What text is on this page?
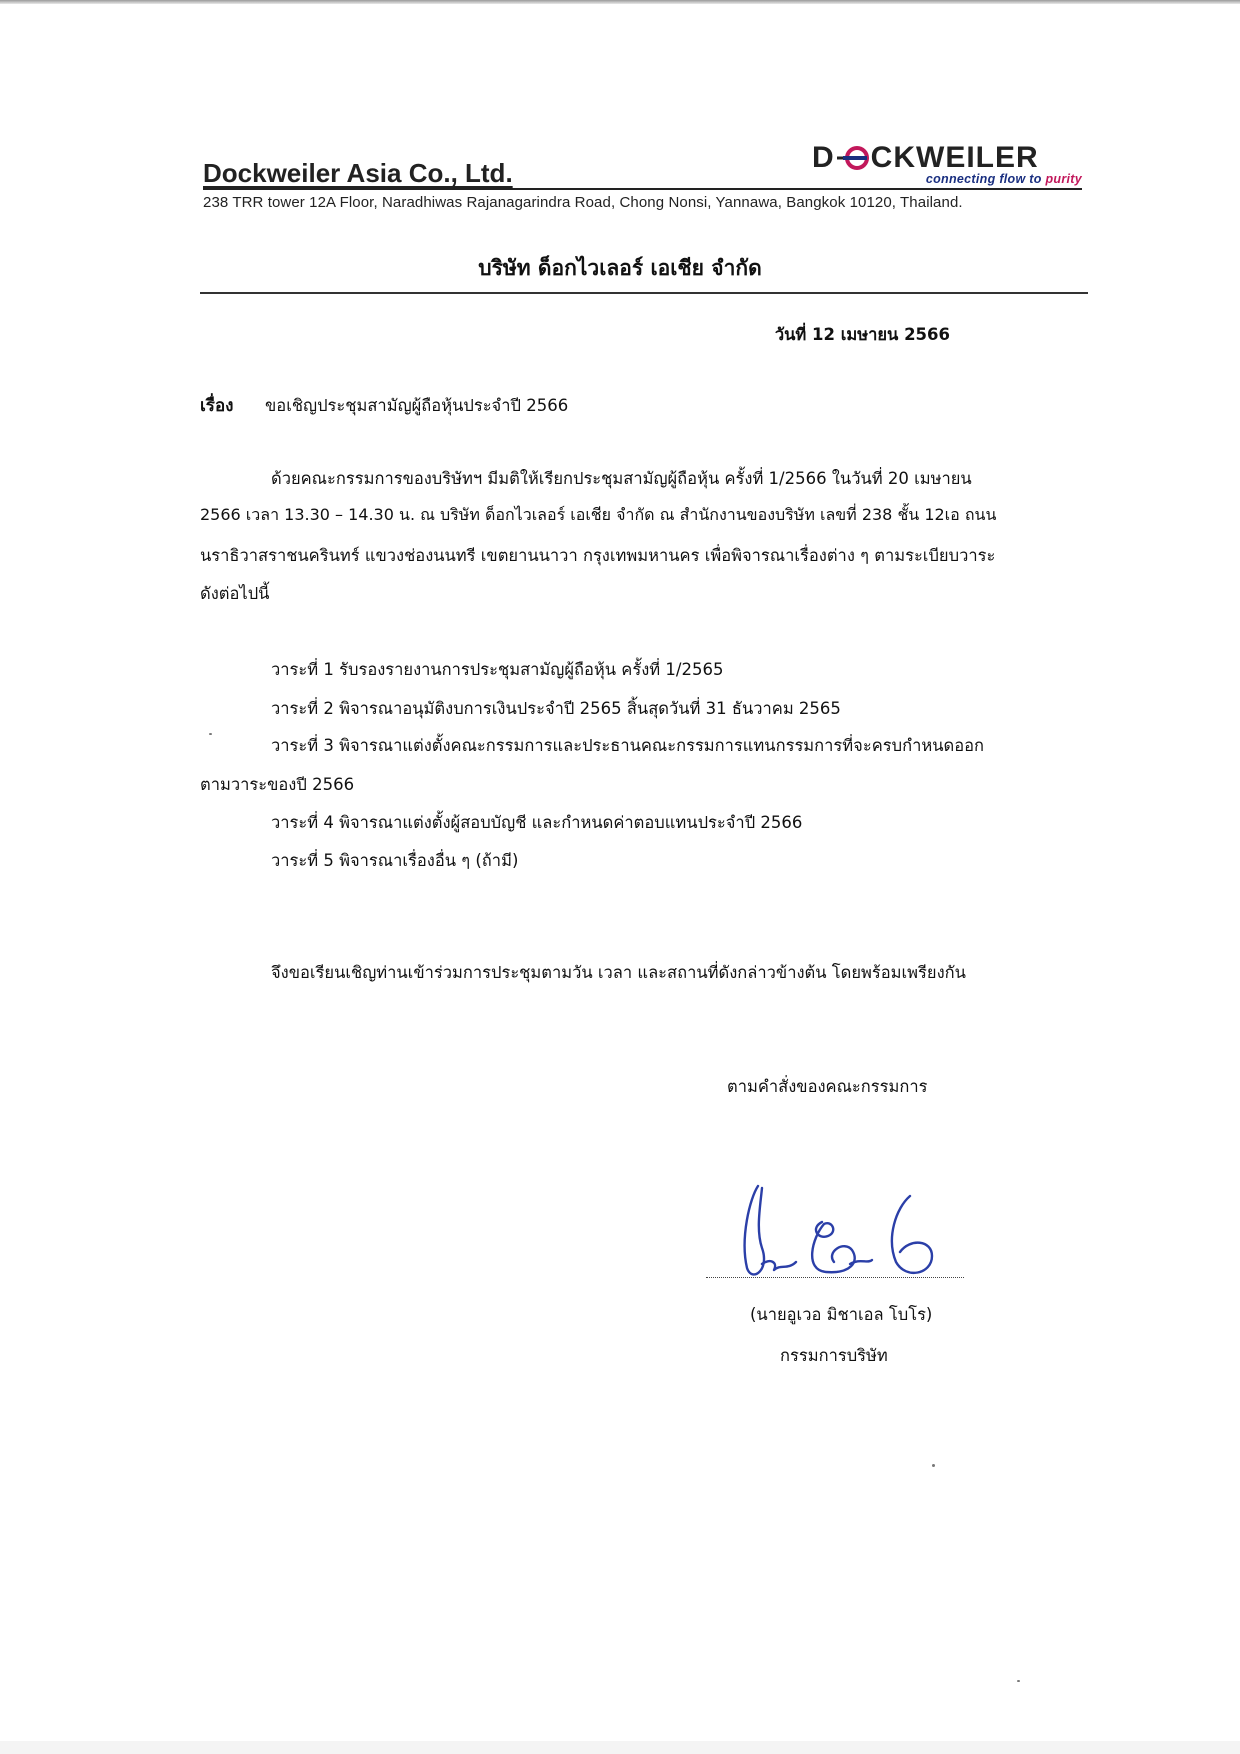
Dockweiler Asia Co., Ltd.	D CKWEILER
connecting flow to purity
238 TRR tower 12A Floor, Naradhiwas Rajanagarindra Road, Chong Nonsi, Yannawa, Bangkok 10120, Thailand.
บริษัท ด็อกไวเลอร์ เอเชีย จำกัด
วันที่ 12 เมษายน 2566
เรื่อง ขอเชิญประชุมสามัญผู้ถือหุ้นประจำปี 2566
ด้วยคณะกรรมการของบริษัทฯ มีมติให้เรียกประชุมสามัญผู้ถือหุ้น ครั้งที่ 1/2566 ในวันที่ 20 เมษายน
2566 เวลา 13.30 – 14.30 น. ณ บริษัท ด็อกไวเลอร์ เอเชีย จำกัด ณ สำนักงานของบริษัท เลขที่ 238 ชั้น 12เอ ถนน
นราธิวาสราชนครินทร์ แขวงช่องนนทรี เขตยานนาวา กรุงเทพมหานคร เพื่อพิจารณาเรื่องต่าง ๆ ตามระเบียบวาระ
ดังต่อไปนี้
วาระที่ 1 รับรองรายงานการประชุมสามัญผู้ถือหุ้น ครั้งที่ 1/2565
วาระที่ 2 พิจารณาอนุมัติงบการเงินประจำปี 2565 สิ้นสุดวันที่ 31 ธันวาคม 2565
วาระที่ 3 พิจารณาแต่งตั้งคณะกรรมการและประธานคณะกรรมการแทนกรรมการที่จะครบกำหนดออก
ตามวาระของปี 2566
วาระที่ 4 พิจารณาแต่งตั้งผู้สอบบัญชี และกำหนดค่าตอบแทนประจำปี 2566
วาระที่ 5 พิจารณาเรื่องอื่น ๆ (ถ้ามี)
จึงขอเรียนเชิญท่านเข้าร่วมการประชุมตามวัน เวลา และสถานที่ดังกล่าวข้างต้น โดยพร้อมเพรียงกัน
ตามคำสั่งของคณะกรรมการ
(นายอูเวอ มิชาเอล โบโร)
กรรมการบริษัท
